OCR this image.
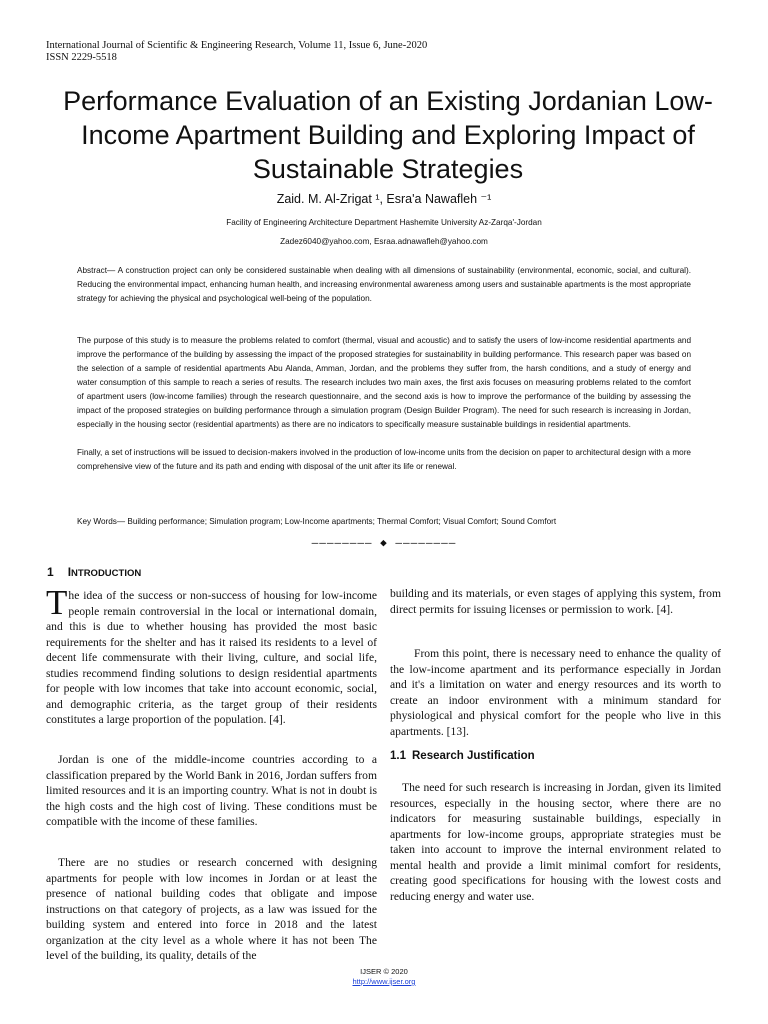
International Journal of Scientific & Engineering Research, Volume 11, Issue 6, June-2020
ISSN 2229-5518
Performance Evaluation of an Existing Jordanian Low-Income Apartment Building and Exploring Impact of Sustainable Strategies
Zaid. M. Al-Zrigat ¹, Esra'a Nawafleh ⁻¹
Facility of Engineering Architecture Department Hashemite University Az-Zarqa'-Jordan
Zadez6040@yahoo.com, Esraa.adnawafleh@yahoo.com
Abstract— A construction project can only be considered sustainable when dealing with all dimensions of sustainability (environmental, economic, social, and cultural). Reducing the environmental impact, enhancing human health, and increasing environmental awareness among users and sustainable apartments is the most appropriate strategy for achieving the physical and psychological well-being of the population.
The purpose of this study is to measure the problems related to comfort (thermal, visual and acoustic) and to satisfy the users of low-income residential apartments and improve the performance of the building by assessing the impact of the proposed strategies for sustainability in building performance. This research paper was based on the selection of a sample of residential apartments Abu Alanda, Amman, Jordan, and the problems they suffer from, the harsh conditions, and a study of energy and water consumption of this sample to reach a series of results. The research includes two main axes, the first axis focuses on measuring problems related to the comfort of apartment users (low-income families) through the research questionnaire, and the second axis is how to improve the performance of the building by assessing the impact of the proposed strategies on building performance through a simulation program (Design Builder Program). The need for such research is increasing in Jordan, especially in the housing sector (residential apartments) as there are no indicators to specifically measure sustainable buildings in residential apartments.
Finally, a set of instructions will be issued to decision-makers involved in the production of low-income units from the decision on paper to architectural design with a more comprehensive view of the future and its path and ending with disposal of the unit after its life or renewal.
Key Words— Building performance; Simulation program; Low-Income apartments; Thermal Comfort; Visual Comfort; Sound Comfort
———————— ◆ ————————
1 INTRODUCTION

The idea of the success or non-success of housing for low-income people remain controversial in the local or international domain, and this is due to whether housing has provided the most basic requirements for the shelter and has it raised its residents to a level of decent life commensurate with their living, culture, and social life, studies recommend finding solutions to design residential apartments for people with low incomes that take into account economic, social, and demographic criteria, as the target group of their residents constitutes a large proportion of the population. [4].

Jordan is one of the middle-income countries according to a classification prepared by the World Bank in 2016, Jordan suffers from limited resources and it is an importing country. What is not in doubt is the high costs and the high cost of living. These conditions must be compatible with the income of these families.

There are no studies or research concerned with designing apartments for people with low incomes in Jordan or at least the presence of national building codes that obligate and impose instructions on that category of projects, as a law was issued for the building system and entered into force in 2018 and the latest organization at the city level as a whole where it has not been The level of the building, its quality, details of the

building and its materials, or even stages of applying this system, from direct permits for issuing licenses or permission to work. [4].

From this point, there is necessary need to enhance the quality of the low-income apartment and its performance especially in Jordan and it's a limitation on water and energy resources and its worth to create an indoor environment with a minimum standard for physiological and physical comfort for the people who live in this apartments. [13].

1.1 Research Justification

The need for such research is increasing in Jordan, given its limited resources, especially in the housing sector, where there are no indicators for measuring sustainable buildings, especially in apartments for low-income groups, appropriate strategies must be taken into account to improve the internal environment related to mental health and provide a limit minimal comfort for residents, creating good specifications for housing with the lowest costs and reducing energy and water use.

IJSER © 2020
http://www.ijser.org
